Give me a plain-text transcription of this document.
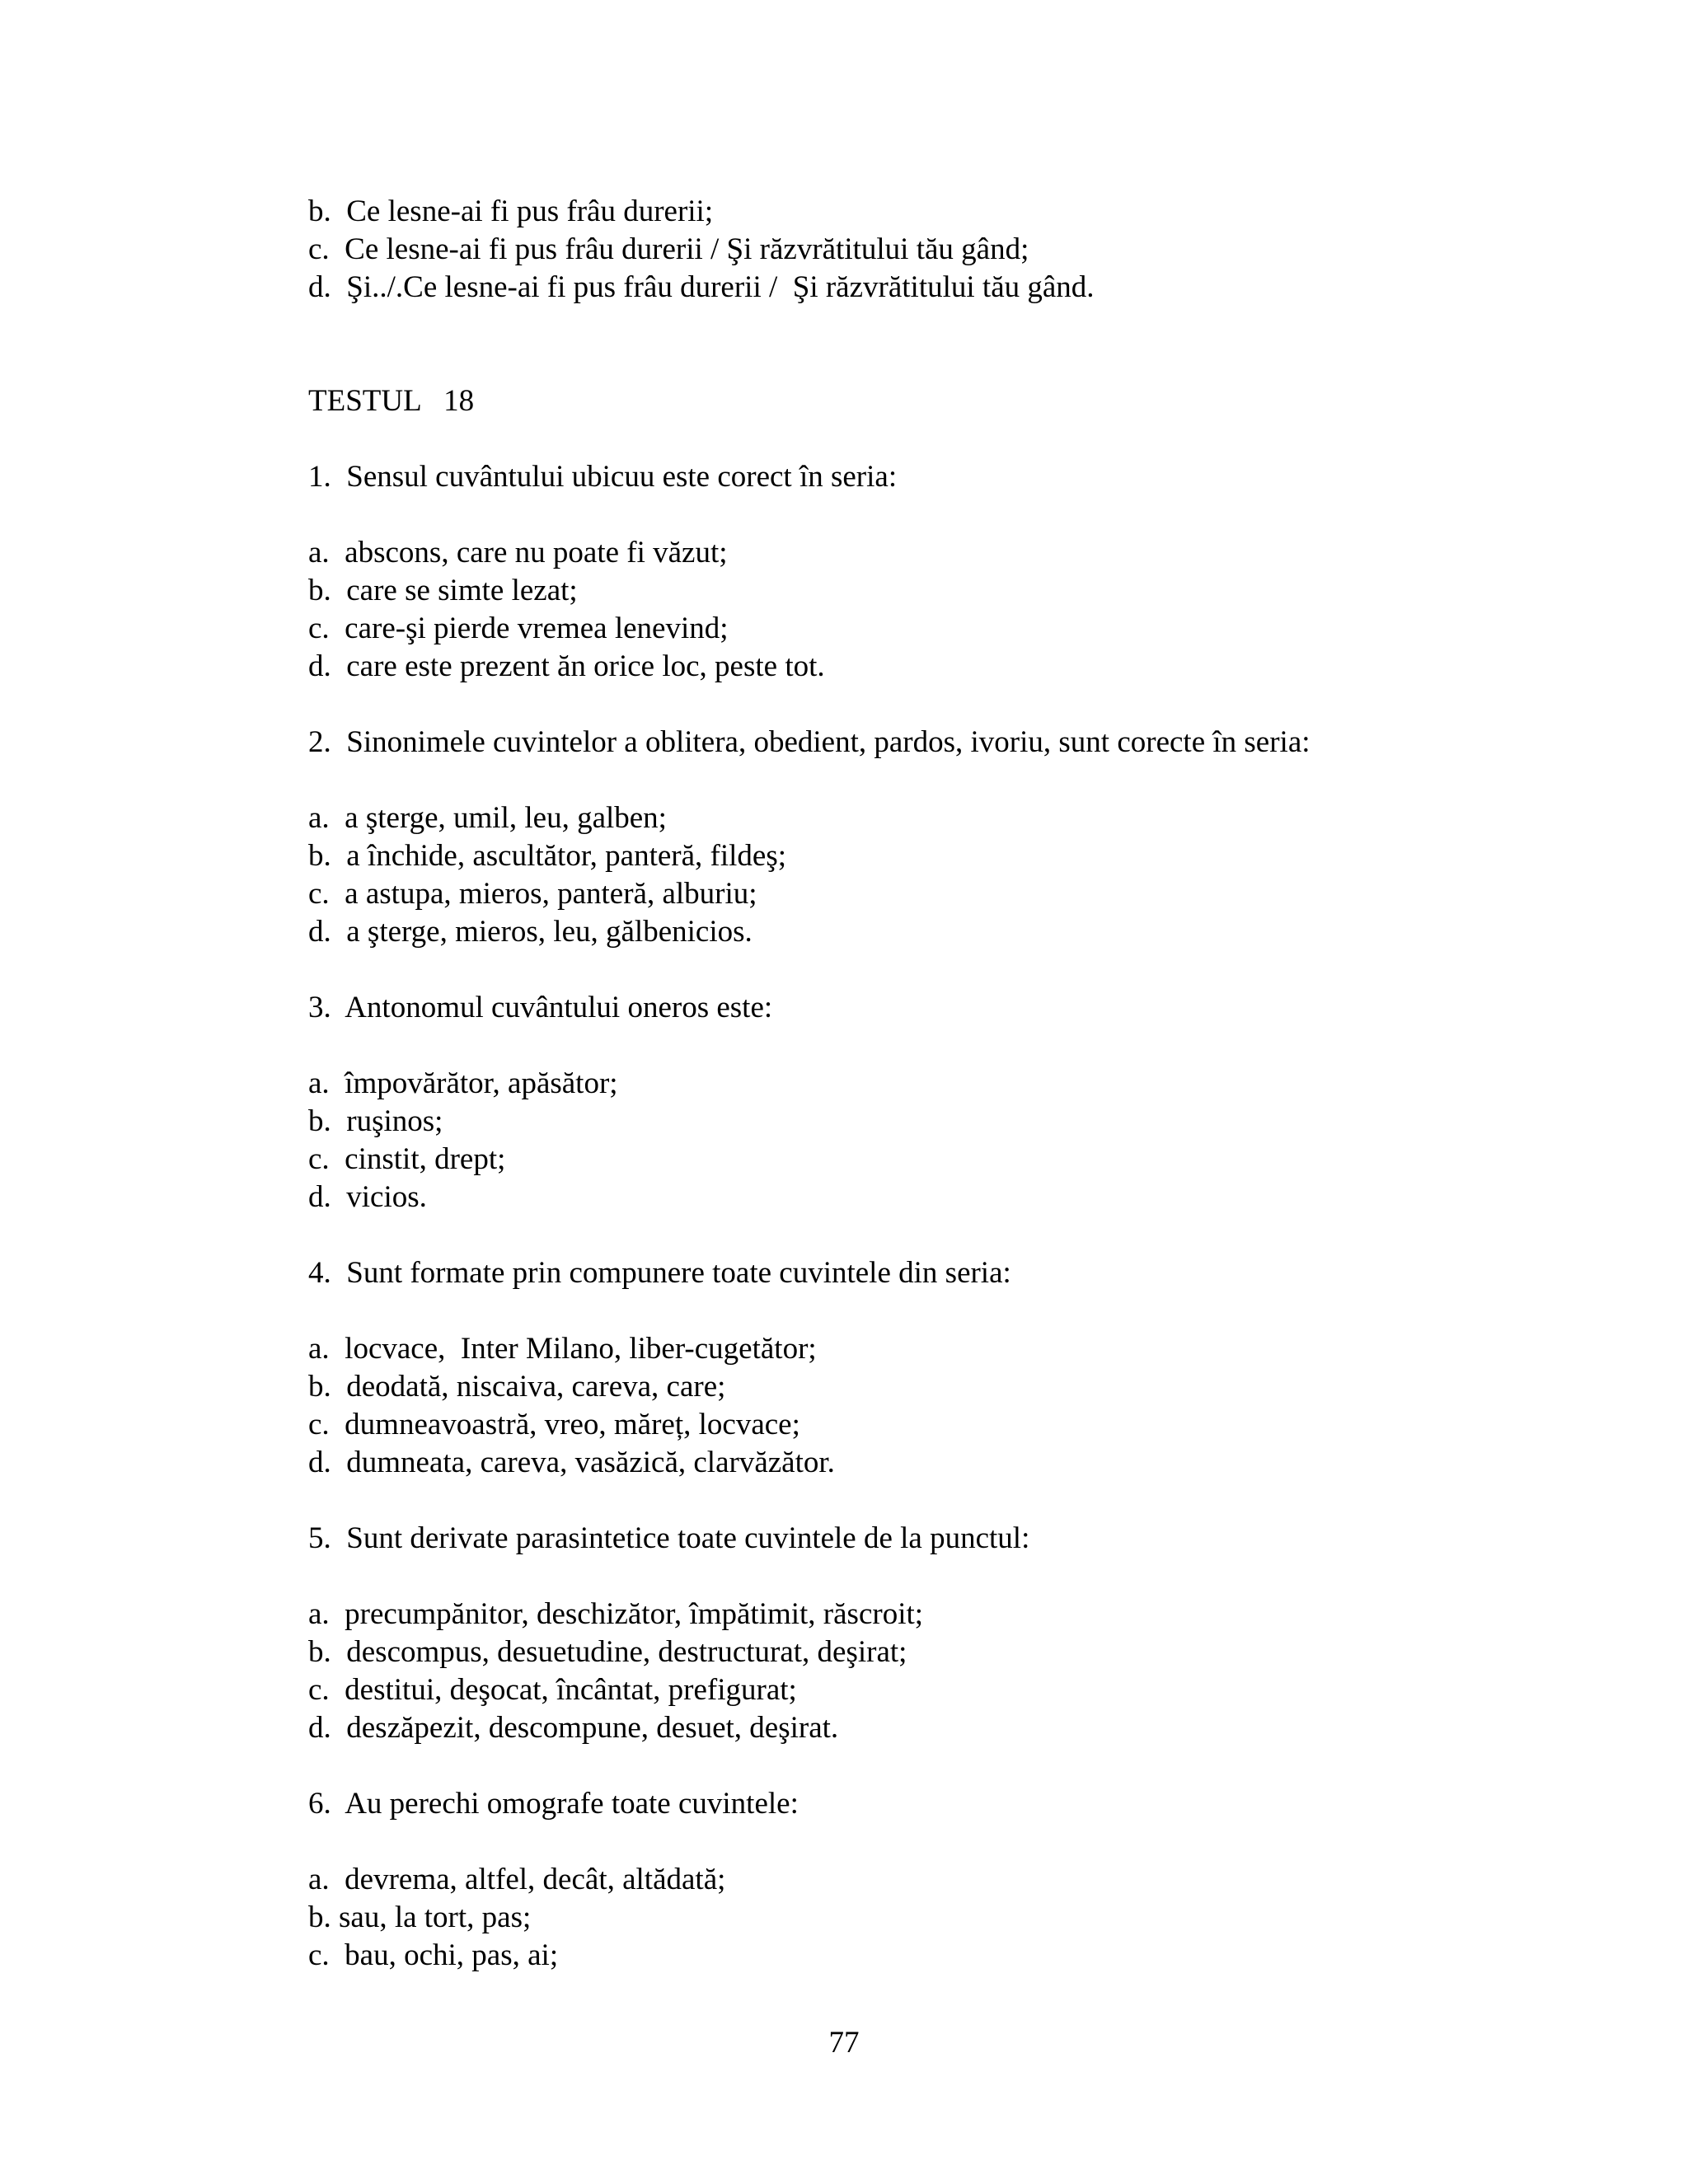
b.  Ce lesne-ai fi pus frâu durerii;
c.  Ce lesne-ai fi pus frâu durerii / Şi răzvrătitului tău gând;
d.  Şi../.Ce lesne-ai fi pus frâu durerii /  Şi răzvrătitului tău gând.
TESTUL   18
1.  Sensul cuvântului ubicuu este corect în seria:
a.  abscons, care nu poate fi văzut;
b.  care se simte lezat;
c.  care-şi pierde vremea lenevind;
d.  care este prezent ăn orice loc, peste tot.
2.  Sinonimele cuvintelor a oblitera, obedient, pardos, ivoriu, sunt corecte în seria:
a.  a şterge, umil, leu, galben;
b.  a închide, ascultător, panteră, fildeş;
c.  a astupa, mieros, panteră, alburiu;
d.  a şterge, mieros, leu, gălbenicios.
3.  Antonomul cuvântului oneros este:
a.  împovărător, apăsător;
b.  ruşinos;
c.  cinstit, drept;
d.  vicios.
4.  Sunt formate prin compunere toate cuvintele din seria:
a.  locvace,  Inter Milano, liber-cugetător;
b.  deodată, niscaiva, careva, care;
c.  dumneavoastră, vreo, măreț, locvace;
d.  dumneata, careva, vasăzică, clarvăzător.
5.  Sunt derivate parasintetice toate cuvintele de la punctul:
a.  precumpănitor, deschizător, împătimit, răscroit;
b.  descompus, desuetudine, destructurat, deşirat;
c.  destitui, deşocat, încântat, prefigurat;
d.  deszăpezit, descompune, desuet, deşirat.
6.  Au perechi omografe toate cuvintele:
a.  devrema, altfel, decât, altădată;
b. sau, la tort, pas;
c.  bau, ochi, pas, ai;
77
